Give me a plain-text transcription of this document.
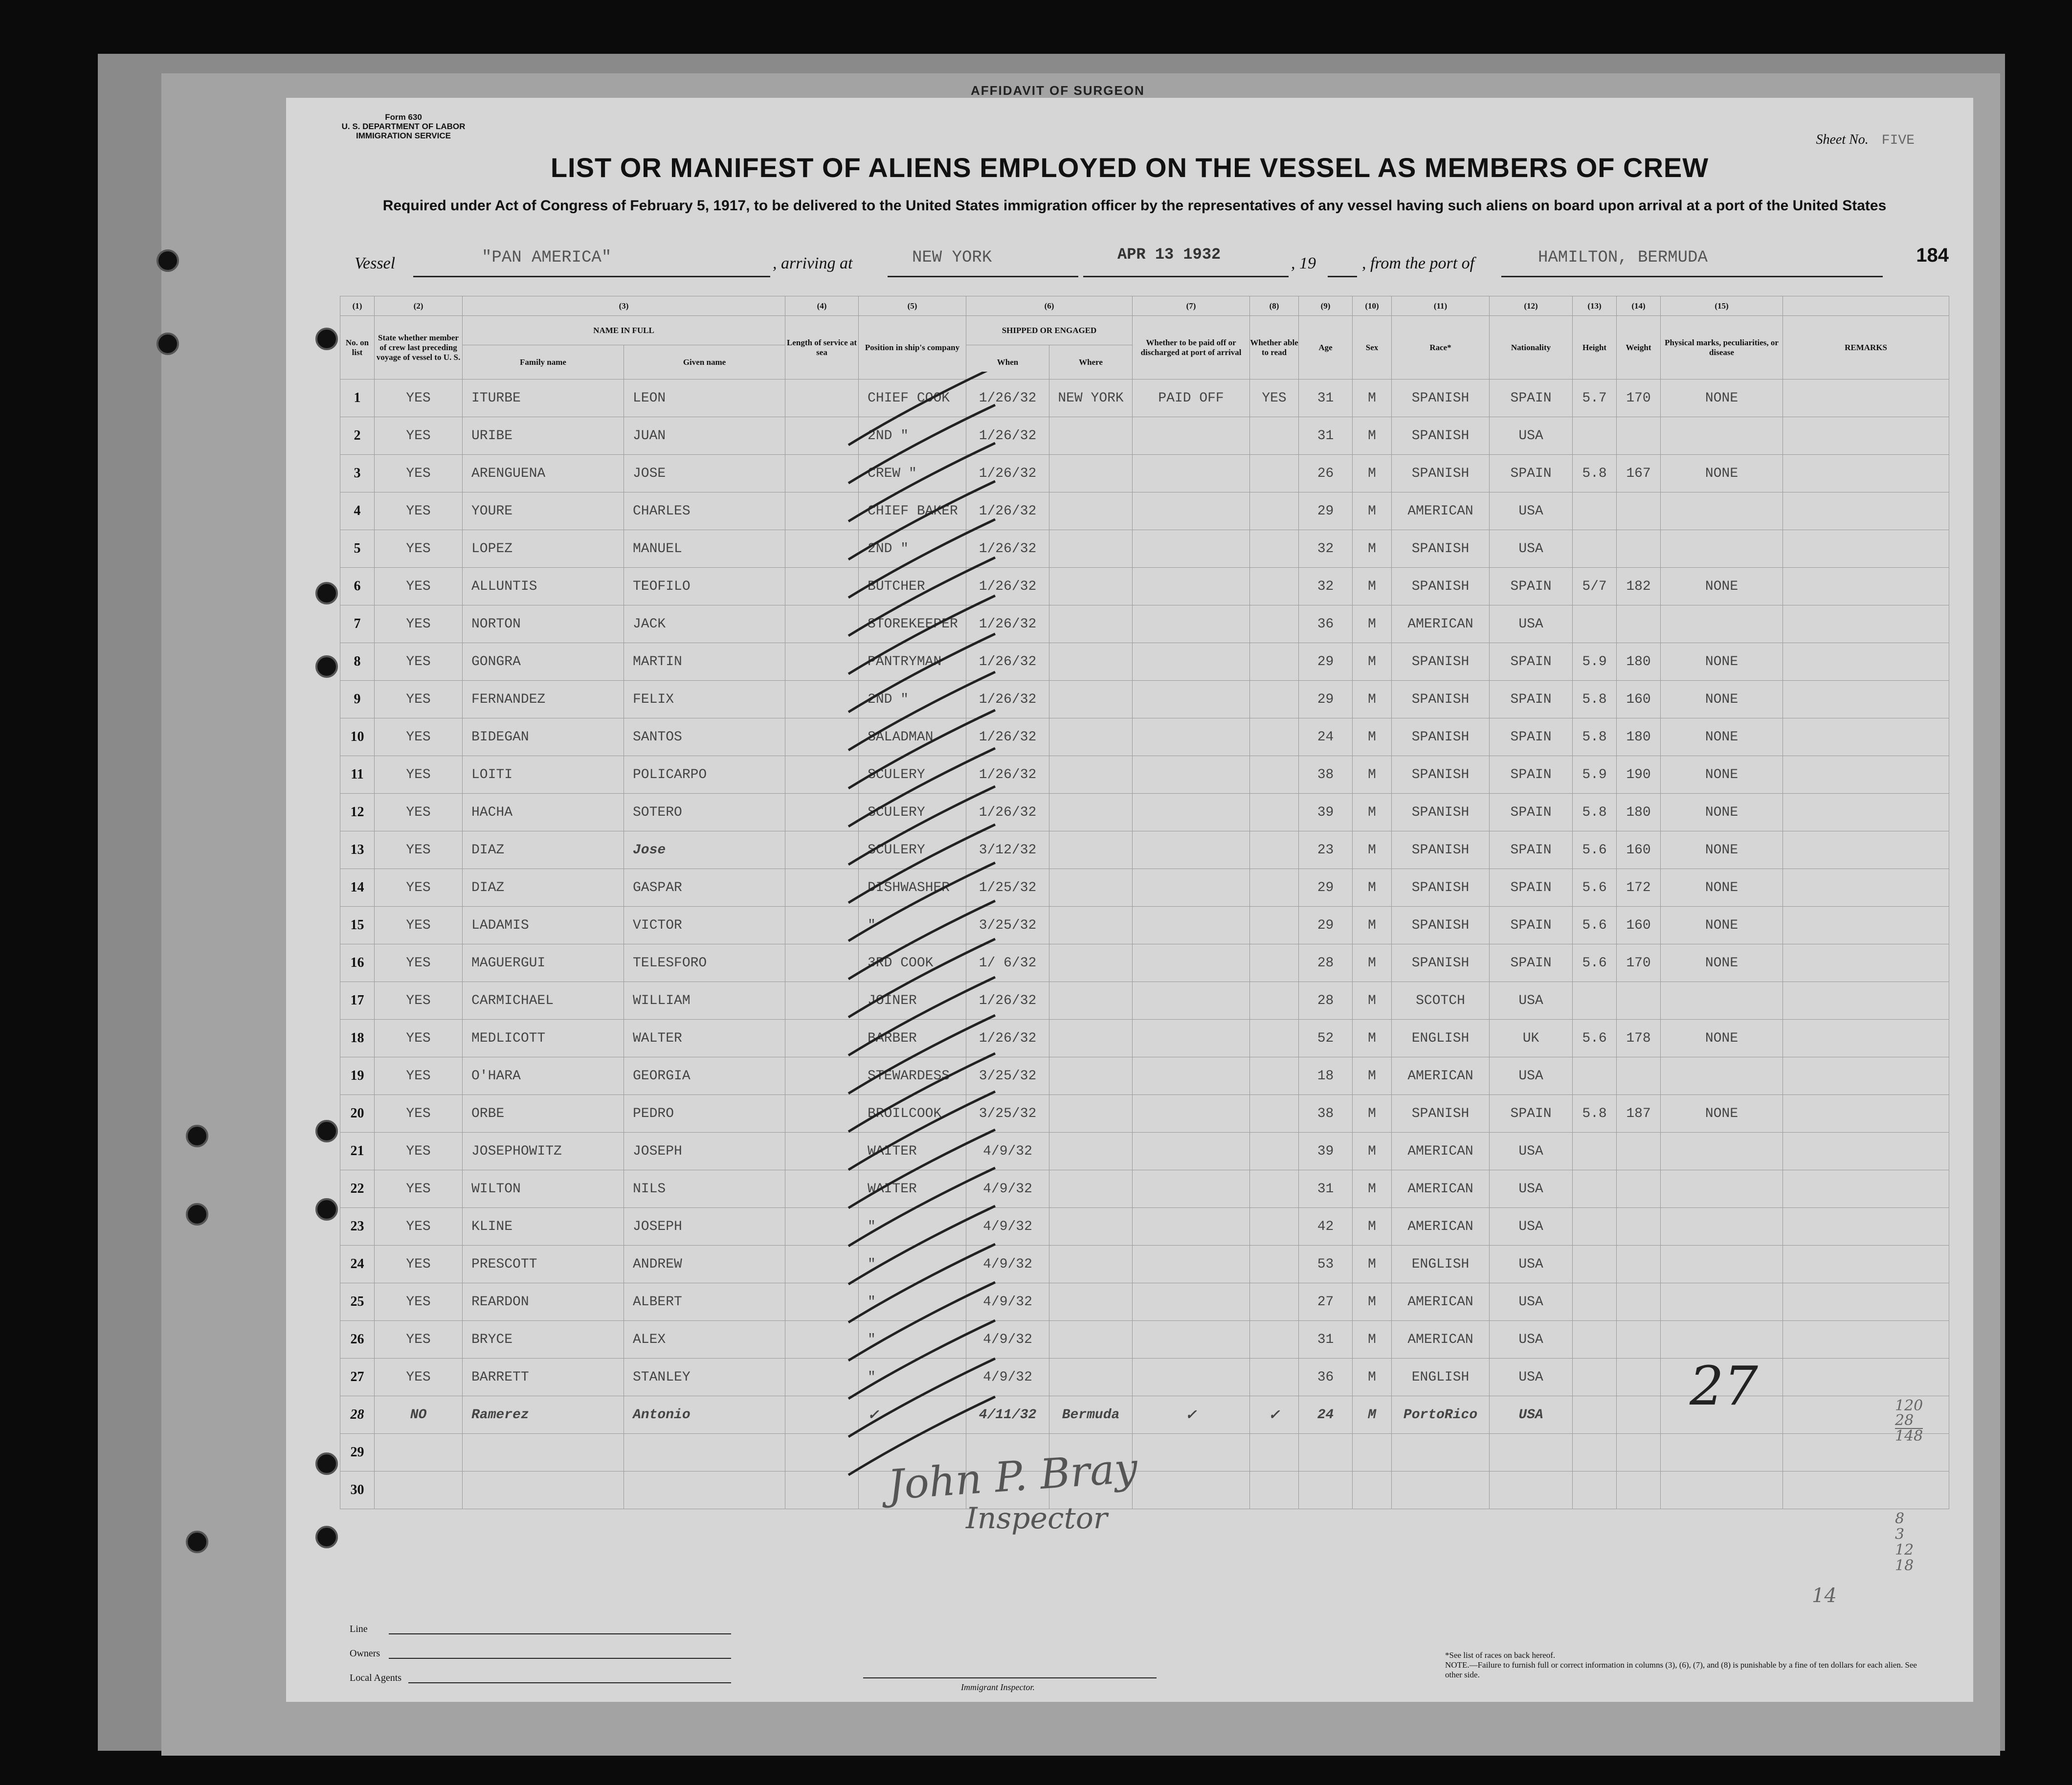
AFFIDAVIT OF SURGEON
Form 630
U. S. DEPARTMENT OF LABOR
IMMIGRATION SERVICE	Sheet No. FIVE
LIST OR MANIFEST OF ALIENS EMPLOYED ON THE VESSEL AS MEMBERS OF CREW
Required under Act of Congress of February 5, 1917, to be delivered to the United States immigration officer by the representatives of any vessel having such aliens on board upon arrival at a port of the United States
Vessel	"PAN AMERICA"	, arriving at	NEW YORK	APR 13 1932	, 19	, from the port of	HAMILTON, BERMUDA	184
(1)	(2)	(3)		(4)	(5)	(6)		(7)	(8)	(9)	(10)	(11)	(12)	(13)	(14)	(15)	
No. on list	State whether member of crew last preceding voyage of vessel to U. S.	NAME IN FULL		Length of service at sea	Position in ship's company	SHIPPED OR ENGAGED		Whether to be paid off or discharged at port of arrival	Whether able to read	Age	Sex	Race*	Nationality	Height	Weight	Physical marks, peculiarities, or disease	REMARKS
		Family name	Given name			When	Where										
1	YES	ITURBE	LEON		CHIEF COOK	1/26/32	NEW YORK	PAID OFF	YES	31	M	SPANISH	SPAIN	5.7	170	NONE	
2	YES	URIBE	JUAN		2ND "	1/26/32				31	M	SPANISH	USA				
3	YES	ARENGUENA	JOSE		CREW "	1/26/32				26	M	SPANISH	SPAIN	5.8	167	NONE	
4	YES	YOURE	CHARLES		CHIEF BAKER	1/26/32				29	M	AMERICAN	USA				
5	YES	LOPEZ	MANUEL		2ND "	1/26/32				32	M	SPANISH	USA				
6	YES	ALLUNTIS	TEOFILO		BUTCHER	1/26/32				32	M	SPANISH	SPAIN	5/7	182	NONE	
7	YES	NORTON	JACK		STOREKEEPER	1/26/32				36	M	AMERICAN	USA				
8	YES	GONGRA	MARTIN		PANTRYMAN	1/26/32				29	M	SPANISH	SPAIN	5.9	180	NONE	
9	YES	FERNANDEZ	FELIX		2ND "	1/26/32				29	M	SPANISH	SPAIN	5.8	160	NONE	
10	YES	BIDEGAN	SANTOS		SALADMAN	1/26/32				24	M	SPANISH	SPAIN	5.8	180	NONE	
11	YES	LOITI	POLICARPO		SCULERY	1/26/32				38	M	SPANISH	SPAIN	5.9	190	NONE	
12	YES	HACHA	SOTERO		SCULERY	1/26/32				39	M	SPANISH	SPAIN	5.8	180	NONE	
13	YES	DIAZ	Jose		SCULERY	3/12/32				23	M	SPANISH	SPAIN	5.6	160	NONE	
14	YES	DIAZ	GASPAR		DISHWASHER	1/25/32				29	M	SPANISH	SPAIN	5.6	172	NONE	
15	YES	LADAMIS	VICTOR		"	3/25/32				29	M	SPANISH	SPAIN	5.6	160	NONE	
16	YES	MAGUERGUI	TELESFORO		3RD COOK	1/ 6/32				28	M	SPANISH	SPAIN	5.6	170	NONE	
17	YES	CARMICHAEL	WILLIAM		JOINER	1/26/32				28	M	SCOTCH	USA				
18	YES	MEDLICOTT	WALTER		BARBER	1/26/32				52	M	ENGLISH	UK	5.6	178	NONE	
19	YES	O'HARA	GEORGIA		STEWARDESS	3/25/32				18	M	AMERICAN	USA				
20	YES	ORBE	PEDRO		BROILCOOK	3/25/32				38	M	SPANISH	SPAIN	5.8	187	NONE	
21	YES	JOSEPHOWITZ	JOSEPH		WAITER	4/9/32				39	M	AMERICAN	USA				
22	YES	WILTON	NILS		WAITER	4/9/32				31	M	AMERICAN	USA				
23	YES	KLINE	JOSEPH		"	4/9/32				42	M	AMERICAN	USA				
24	YES	PRESCOTT	ANDREW		"	4/9/32				53	M	ENGLISH	USA				
25	YES	REARDON	ALBERT		"	4/9/32				27	M	AMERICAN	USA				
26	YES	BRYCE	ALEX		"	4/9/32				31	M	AMERICAN	USA				
27	YES	BARRETT	STANLEY		"	4/9/32				36	M	ENGLISH	USA				
28	NO	Ramerez	Antonio		✓	4/11/32	Bermuda	✓	✓	24	M	PortoRico	USA				
29																	
30																		John P. Bray
Inspector
27	120
28
148
8
3
12
18
14
Line
Owners
Local Agents
Immigrant Inspector.
*See list of races on back hereof.
NOTE.—Failure to furnish full or correct information in columns (3), (6), (7), and (8) is punishable by a fine of ten dollars for each alien. See other side.
